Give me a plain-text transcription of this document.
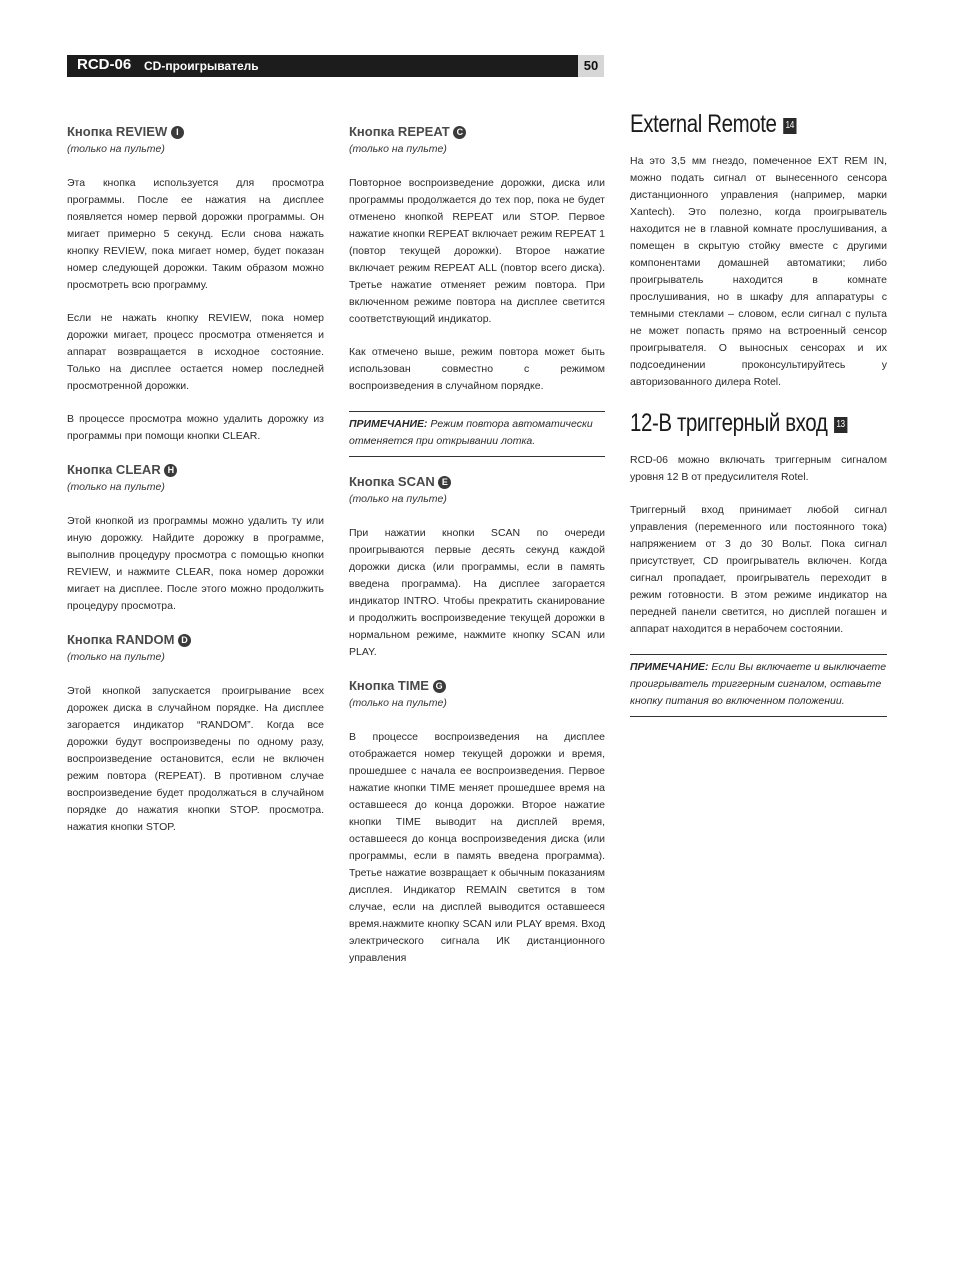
RCD-06 CD-проигрыватель	50
Кнопка REVIEW I
(только на пульте)

Эта кнопка используется для просмотра программы. После ее нажатия на дисплее появляется номер первой дорожки программы. Он мигает примерно 5 секунд. Если снова нажать кнопку REVIEW, пока мигает номер, будет показан номер следующей дорожки. Таким образом можно просмотреть всю программу.

Если не нажать кнопку REVIEW, пока номер дорожки мигает, процесс просмотра отменяется и аппарат возвращается в исходное состояние. Только на дисплее остается номер последней просмотренной дорожки.

В процессе просмотра можно удалить дорожку из программы при помощи кнопки CLEAR.

Кнопка CLEAR H
(только на пульте)

Этой кнопкой из программы можно удалить ту или иную дорожку. Найдите дорожку в программе, выполнив процедуру просмотра с помощью кнопки REVIEW, и нажмите CLEAR, пока номер дорожки мигает на дисплее. После этого можно продолжить процедуру просмотра.

Кнопка RANDOM D
(только на пульте)

Этой кнопкой запускается проигрывание всех дорожек диска в случайном порядке. На дисплее загорается индикатор “RANDOM”. Когда все дорожки будут воспроизведены по одному разу, воспроизведение остановится, если не включен режим повтора (REPEAT). В противном случае воспроизведение будет продолжаться в случайном порядке до нажатия кнопки STOP. просмотра. нажатия кнопки STOP.

Кнопка REPEAT C
(только на пульте)

Повторное воспроизведение дорожки, диска или программы продолжается до тех пор, пока не будет отменено кнопкой REPEAT или STOP. Первое нажатие кнопки REPEAT включает режим REPEAT 1 (повтор текущей дорожки). Второе нажатие включает режим REPEAT ALL (повтор всего диска). Третье нажатие отменяет режим повтора. При включенном режиме повтора на дисплее светится соответствующий индикатор.

Как отмечено выше, режим повтора может быть использован совместно с режимом воспроизведения в случайном порядке.

ПРИМЕЧАНИЕ: Режим повтора автоматически отменяется при открывании лотка.
Кнопка SCAN E
(только на пульте)

При нажатии кнопки SCAN по очереди проигрываются первые десять секунд каждой дорожки диска (или программы, если в память введена программа). На дисплее загорается индикатор INTRO. Чтобы прекратить сканирование и продолжить воспроизведение текущей дорожки в нормальном режиме, нажмите кнопку SCAN или PLAY.

Кнопка TIME G
(только на пульте)

В процессе воспроизведения на дисплее отображается номер текущей дорожки и время, прошедшее с начала ее воспроизведения. Первое нажатие кнопки TIME меняет прошедшее время на оставшееся до конца дорожки. Второе нажатие кнопки TIME выводит на дисплей время, оставшееся до конца воспроизведения диска (или программы, если в память введена программа). Третье нажатие возвращает к обычным показаниям дисплея. Индикатор REMAIN светится в том случае, если на дисплей выводится оставшееся время.нажмите кнопку SCAN или PLAY время. Вход электрического сигнала ИК дистанционного управления

External Remote 14

На это 3,5 мм гнездо, помеченное EXT REM IN, можно подать сигнал от вынесенного сенсора дистанционного управления (например, марки Xantech). Это полезно, когда проигрыватель находится не в главной комнате прослушивания, а помещен в скрытую стойку вместе с другими компонентами домашней автоматики; либо проигрыватель находится в комнате прослушивания, но в шкафу для аппаратуры с темными стеклами – словом, если сигнал с пульта не может попасть прямо на встроенный сенсор проигрывателя. О выносных сенсорах и их подсоединении проконсультируйтесь у авторизованного дилера Rotel.

12-В триггерный вход 13

RCD-06 можно включать триггерным сигналом уровня 12 В от предусилителя Rotel.

Триггерный вход принимает любой сигнал управления (переменного или постоянного тока) напряжением от 3 до 30 Вольт. Пока сигнал присутствует, CD проигрыватель включен. Когда сигнал пропадает, проигрыватель переходит в режим готовности. В этом режиме индикатор на передней панели светится, но дисплей погашен и аппарат находится в нерабочем состоянии.

ПРИМЕЧАНИЕ: Если Вы включаете и выключаете проигрыватель триггерным сигналом, оставьте кнопку питания во включенном положении.
